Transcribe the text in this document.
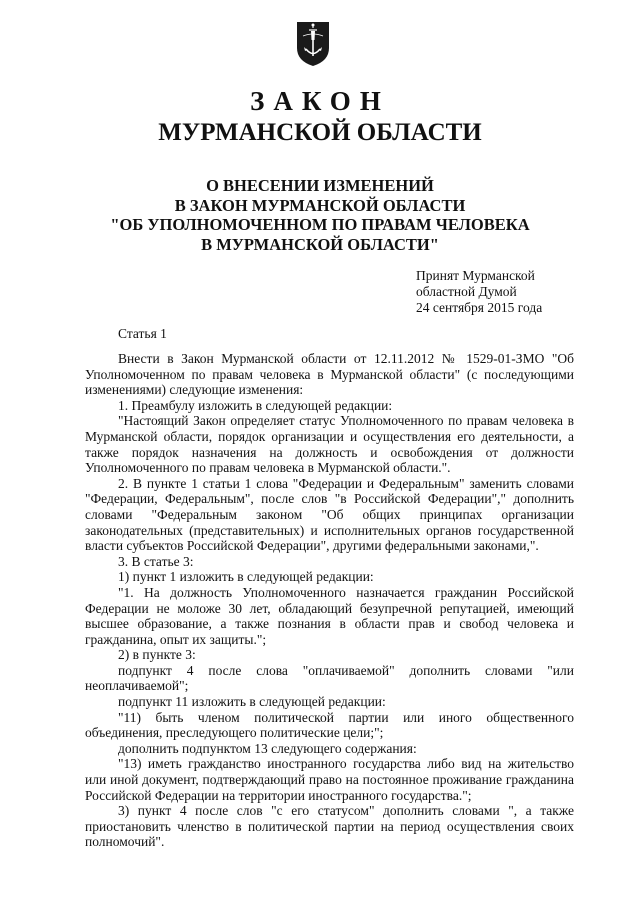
ЗАКОН
МУРМАНСКОЙ ОБЛАСТИ
О ВНЕСЕНИИ ИЗМЕНЕНИЙ
В ЗАКОН МУРМАНСКОЙ ОБЛАСТИ
"ОБ УПОЛНОМОЧЕННОМ ПО ПРАВАМ ЧЕЛОВЕКА
В МУРМАНСКОЙ ОБЛАСТИ"
Принят Мурманской
областной Думой
24 сентября 2015 года
Статья 1

Внести в Закон Мурманской области от 12.11.2012 № 1529-01-ЗМО "Об Уполномоченном по правам человека в Мурманской области" (с последующими изменениями) следующие изменения:

1. Преамбулу изложить в следующей редакции:

"Настоящий Закон определяет статус Уполномоченного по правам человека в Мурманской области, порядок организации и осуществления его деятельности, а также порядок назначения на должность и освобождения от должности Уполномоченного по правам человека в Мурманской области.".

2. В пункте 1 статьи 1 слова "Федерации и Федеральным" заменить словами "Федерации, Федеральным", после слов "в Российской Федерации"," дополнить словами "Федеральным законом "Об общих принципах организации законодательных (представительных) и исполнительных органов государственной власти субъектов Российской Федерации", другими федеральными законами,".

3. В статье 3:

1) пункт 1 изложить в следующей редакции:

"1. На должность Уполномоченного назначается гражданин Российской Федерации не моложе 30 лет, обладающий безупречной репутацией, имеющий высшее образование, а также познания в области прав и свобод человека и гражданина, опыт их защиты.";

2) в пункте 3:

подпункт 4 после слова "оплачиваемой" дополнить словами "или неоплачиваемой";

подпункт 11 изложить в следующей редакции:

"11) быть членом политической партии или иного общественного объединения, преследующего политические цели;";

дополнить подпунктом 13 следующего содержания:

"13) иметь гражданство иностранного государства либо вид на жительство или иной документ, подтверждающий право на постоянное проживание гражданина Российской Федерации на территории иностранного государства.";

3) пункт 4 после слов "с его статусом" дополнить словами ", а также приостановить членство в политической партии на период осуществления своих полномочий".
